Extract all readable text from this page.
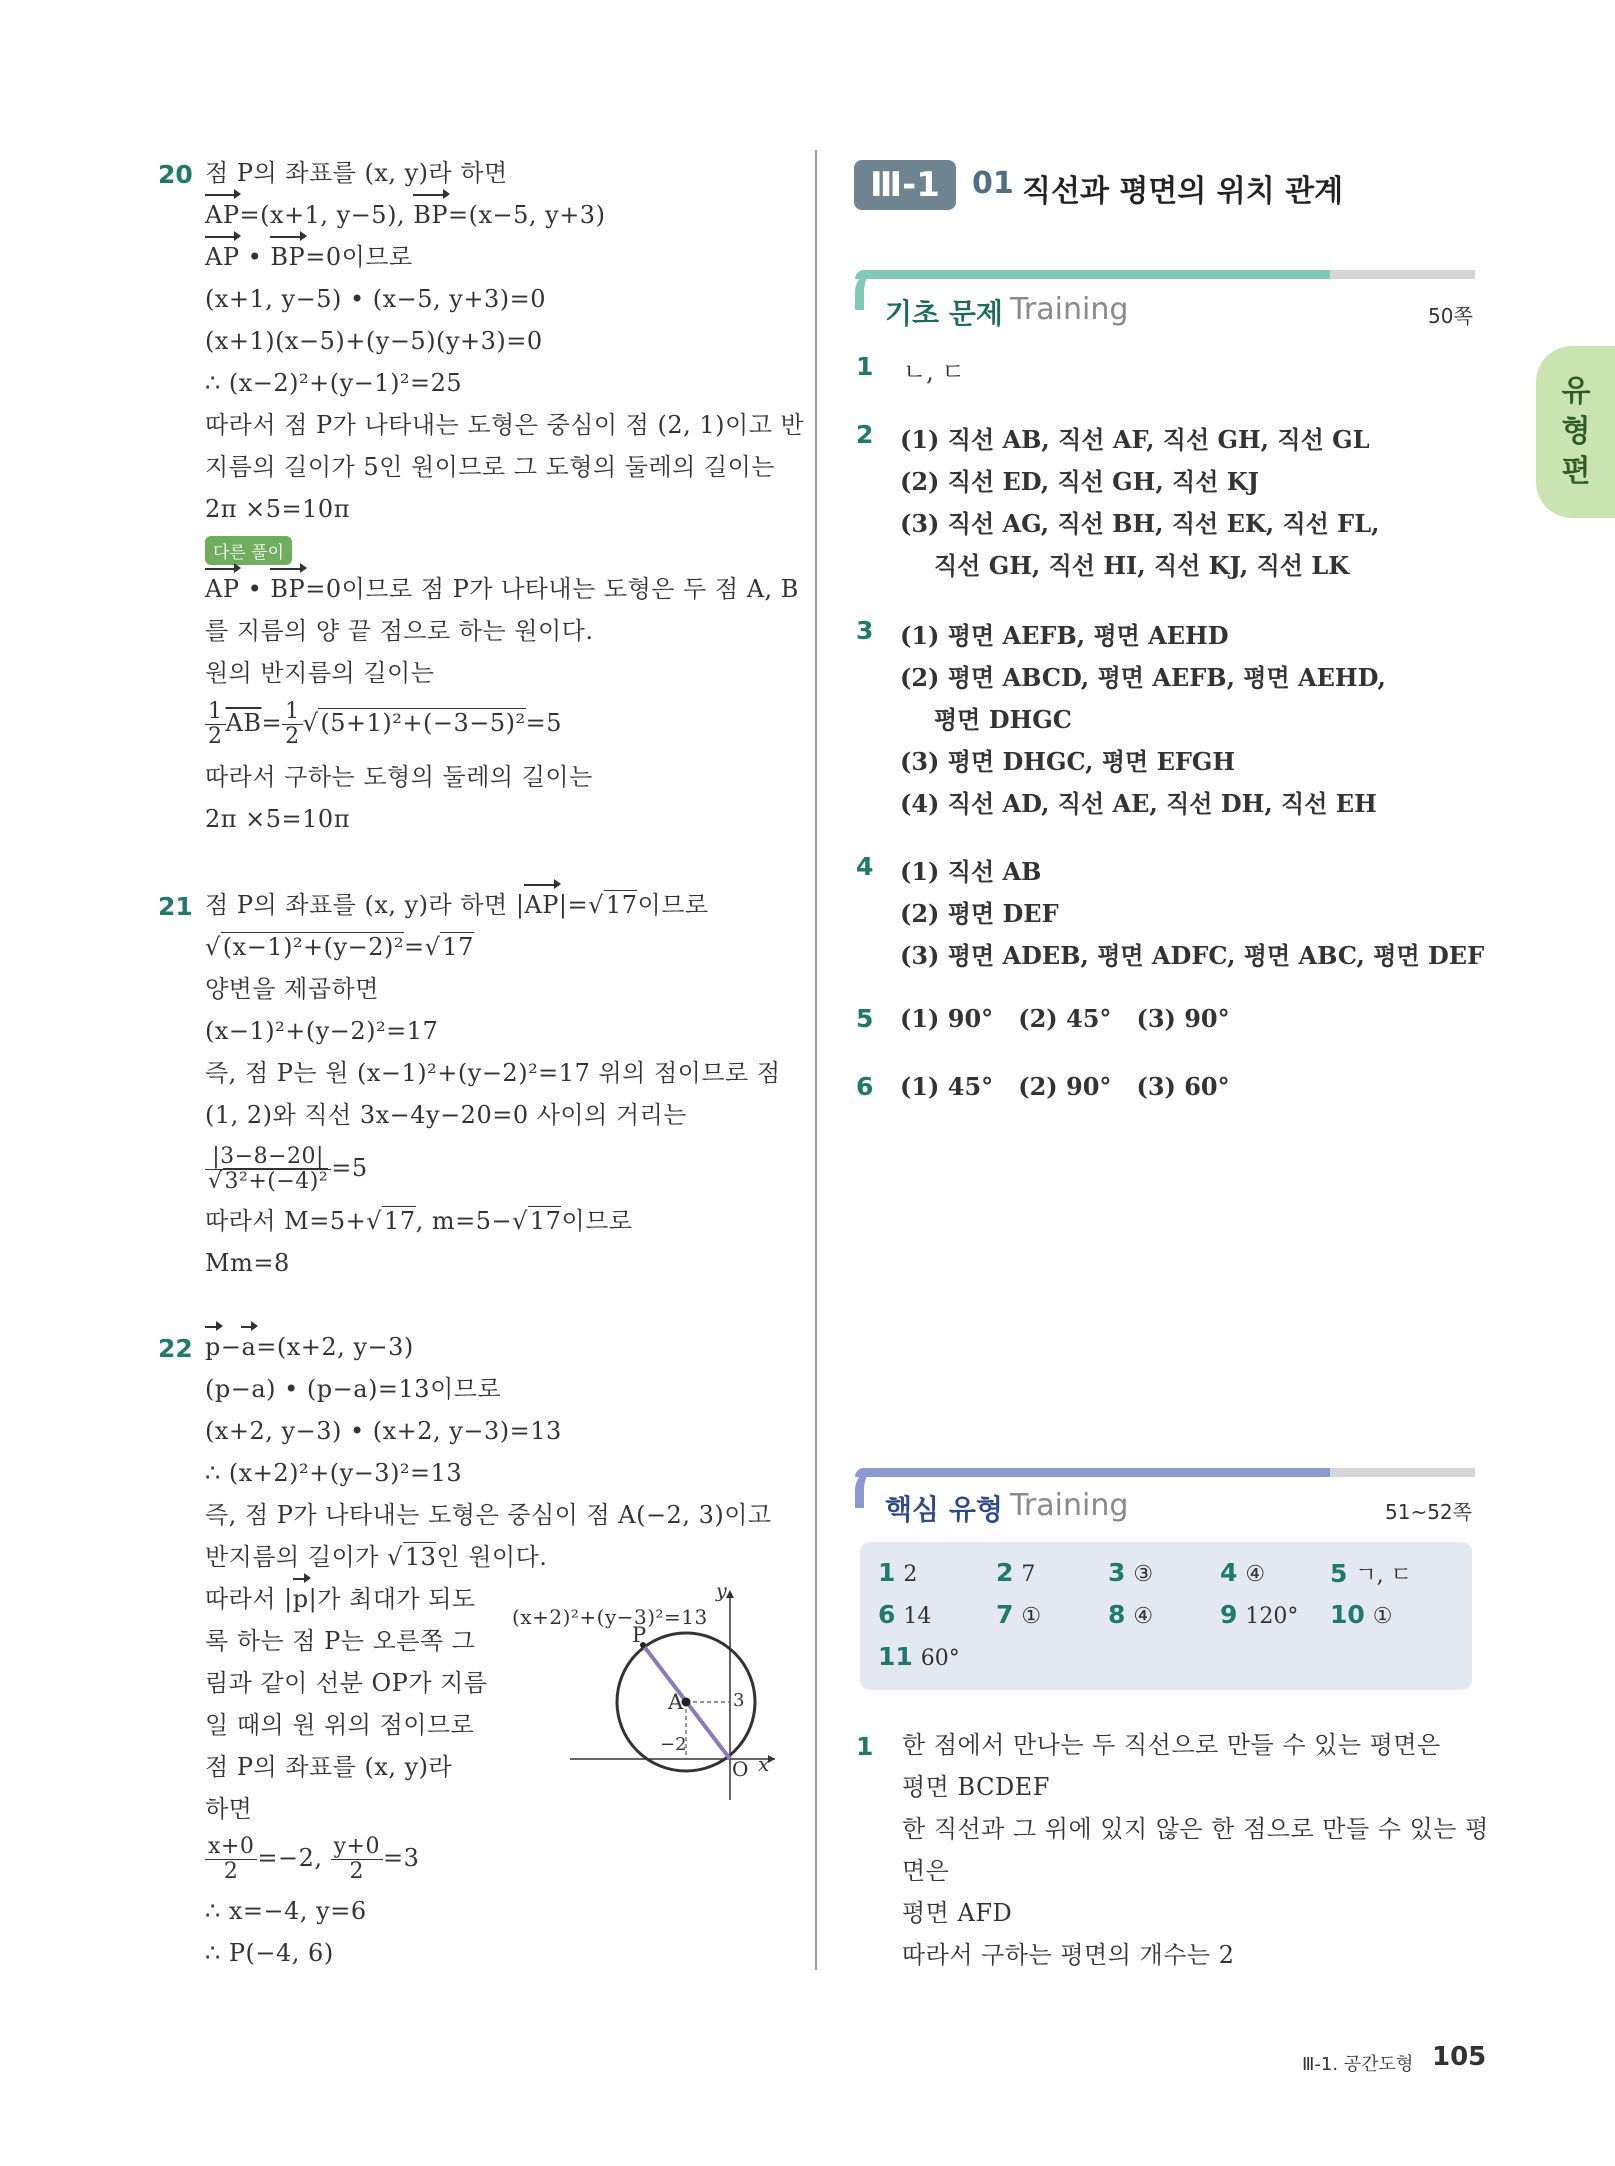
20 점 P의 좌표를 (x, y)라 하면
AP
=(x+1, y−5), BP
=(x−5, y+3)
AP
• BP
=0이므로
(x+1, y−5) • (x−5, y+3)=0
(x+1)(x−5)+(y−5)(y+3)=0
∴ (x−2)²+(y−1)²=25
따라서 점 P가 나타내는 도형은 중심이 점 (2, 1)이고 반
지름의 길이가 5인 원이므로 그 도형의 둘레의 길이는
2π ×5=10π
다른 풀이
AP
• BP
=0이므로 점 P가 나타내는 도형은 두 점 A, B
를 지름의 양 끝 점으로 하는 원이다.
원의 반지름의 길이는
$\frac{1}{2} \overline{AB}= \frac{1}{2} √(5+1)^2+(-3-5)^2=5$
따라서 구하는 도형의 둘레의 길이는
2π ×5=10π
21 점 P의 좌표를 (x, y)라 하면 |AP
|=√17이므로
√(x−1)²+(y−2)²=√17
양변을 제곱하면
(x−1)²+(y−2)²=17
즉, 점 P는 원 (x−1)²+(y−2)²=17 위의 점이므로 점
(1, 2)와 직선 3x−4y−20=0 사이의 거리는
$\frac{|3-8-20|}{\text{√3²+(−4)²}} =5$
따라서 M=5+√17, m=5−√17이므로
Mm=8
22 p
−a
=(x+2, y−3)
(p−a) • (p−a)=13이므로
(x+2, y−3) • (x+2, y−3)=13
∴ (x+2)²+(y−3)²=13
즉, 점 P가 나타내는 도형은 중심이 점 A(−2, 3)이고
반지름의 길이가 √13인 원이다.
따라서 |p
|가 최대가 되도
록 하는 점 P는 오른쪽 그
림과 같이 선분 OP가 지름
일 때의 원 위의 점이므로
점 P의 좌표를 (x, y)라
하면
$\frac{x+0}{2} =-2$, $\frac{y+0}{2} =3$
∴ x=−4, y=6
∴ P(−4, 6)
(x+2)²+(y−3)²=13
y
x
P
A
O
3
−2
Ⅲ-1	01 직선과 평면의 위치 관계
기초 문제 Training	50쪽
1 ㄴ, ㄷ
2 (1) 직선 AB, 직선 AF, 직선 GH, 직선 GL
(2) 직선 ED, 직선 GH, 직선 KJ
(3) 직선 AG, 직선 BH, 직선 EK, 직선 FL,
직선 GH, 직선 HI, 직선 KJ, 직선 LK
3 (1) 평면 AEFB, 평면 AEHD
(2) 평면 ABCD, 평면 AEFB, 평면 AEHD,
평면 DHGC
(3) 평면 DHGC, 평면 EFGH
(4) 직선 AD, 직선 AE, 직선 DH, 직선 EH
4 (1) 직선 AB
(2) 평면 DEF
(3) 평면 ADEB, 평면 ADFC, 평면 ABC, 평면 DEF
5 (1) 90°   (2) 45°   (3) 90°
6 (1) 45°   (2) 90°   (3) 60°
핵심 유형 Training	51~52쪽
1 2	2 7	3 ③	4 ④	5 ㄱ, ㄷ
6 14	7 ①	8 ④	9 120° 10 ①
11 60°
1 한 점에서 만나는 두 직선으로 만들 수 있는 평면은
평면 BCDEF
한 직선과 그 위에 있지 않은 한 점으로 만들 수 있는 평
면은
평면 AFD
따라서 구하는 평면의 개수는 2
유형편
Ⅲ-1. 공간도형 105
